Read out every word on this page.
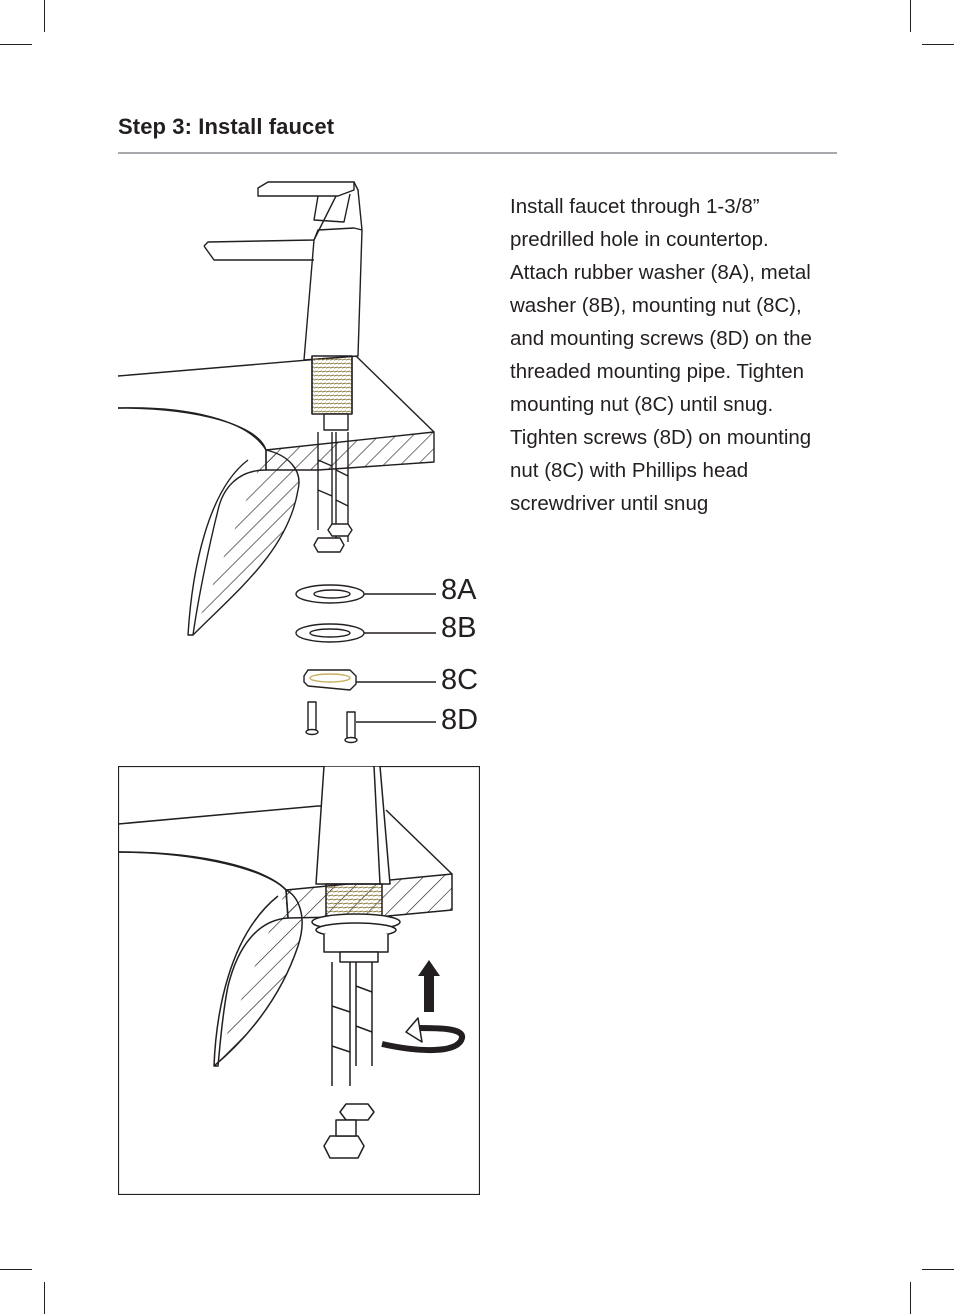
Step 3: Install faucet
Install faucet through 1-3/8” predrilled hole in countertop. Attach rubber washer (8A), metal washer (8B), mounting nut (8C), and mounting screws (8D) on the threaded mounting pipe. Tighten mounting nut (8C) until snug. Tighten screws (8D) on mounting nut (8C) with Phillips head screwdriver until snug
8A
8B
8C
8D
